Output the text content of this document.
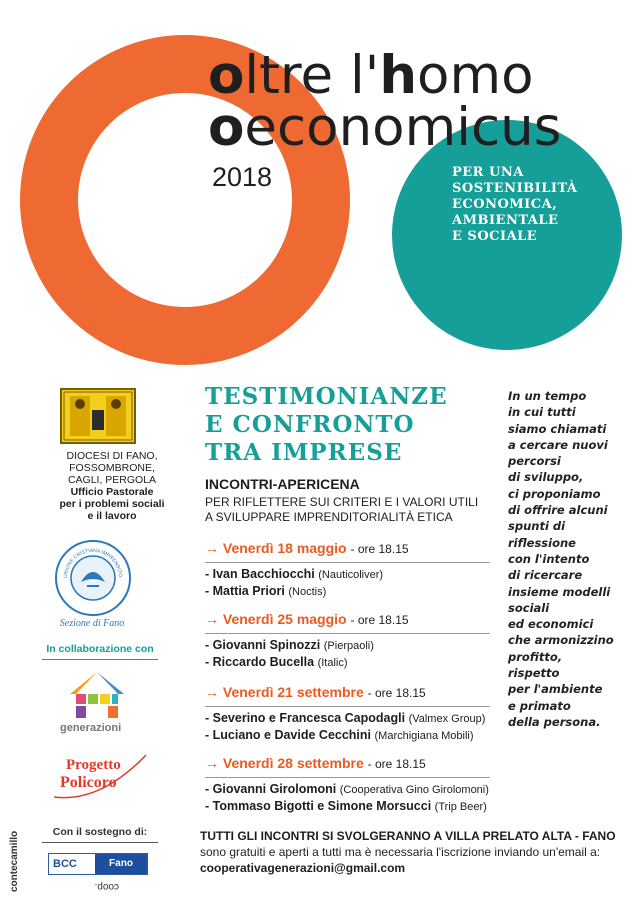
oltre l'homo
oeconomicus
2018	PER UNA
SOSTENIBILITÀ
ECONOMICA,
AMBIENTALE
E SOCIALE
DIOCESI DI FANO,
FOSSOMBRONE,
CAGLI, PERGOLA
Ufficio Pastorale
per i problemi sociali
e il lavoro
UNIONE CRISTIANA IMPRENDITO
Sezione di Fano
In collaborazione con
generazioni
Progetto
Policoro
Con il sostegno di:
BCC	Fano
coop.
contecamillo
TESTIMONIANZE
E CONFRONTO
TRA IMPRESE
INCONTRI-APERICENA
PER RIFLETTERE SUI CRITERI E I VALORI UTILI
A SVILUPPARE IMPRENDITORIALITÀ ETICA
→ Venerdì 18 maggio - ore 18.15
- Ivan Bacchiocchi (Nauticoliver)
- Mattia Priori (Noctis)
→ Venerdì 25 maggio - ore 18.15
- Giovanni Spinozzi (Pierpaoli)
- Riccardo Bucella (Italic)
→ Venerdì 21 settembre - ore 18.15
- Severino e Francesca Capodagli (Valmex Group)
- Luciano e Davide Cecchini (Marchigiana Mobili)
→ Venerdì 28 settembre - ore 18.15
- Giovanni Girolomoni (Cooperativa Gino Girolomoni)
- Tommaso Bigotti e Simone Morsucci (Trip Beer)
In un tempo
in cui tutti
siamo chiamati
a cercare nuovi
percorsi
di sviluppo,
ci proponiamo
di offrire alcuni
spunti di
riflessione
con l'intento
di ricercare
insieme modelli
sociali
ed economici
che armonizzino
profitto,
rispetto
per l'ambiente
e primato
della persona.
TUTTI GLI INCONTRI SI SVOLGERANNO A VILLA PRELATO ALTA - FANO
sono gratuiti e aperti a tutti ma è necessaria l'iscrizione inviando un'email a:
cooperativagenerazioni@gmail.com
